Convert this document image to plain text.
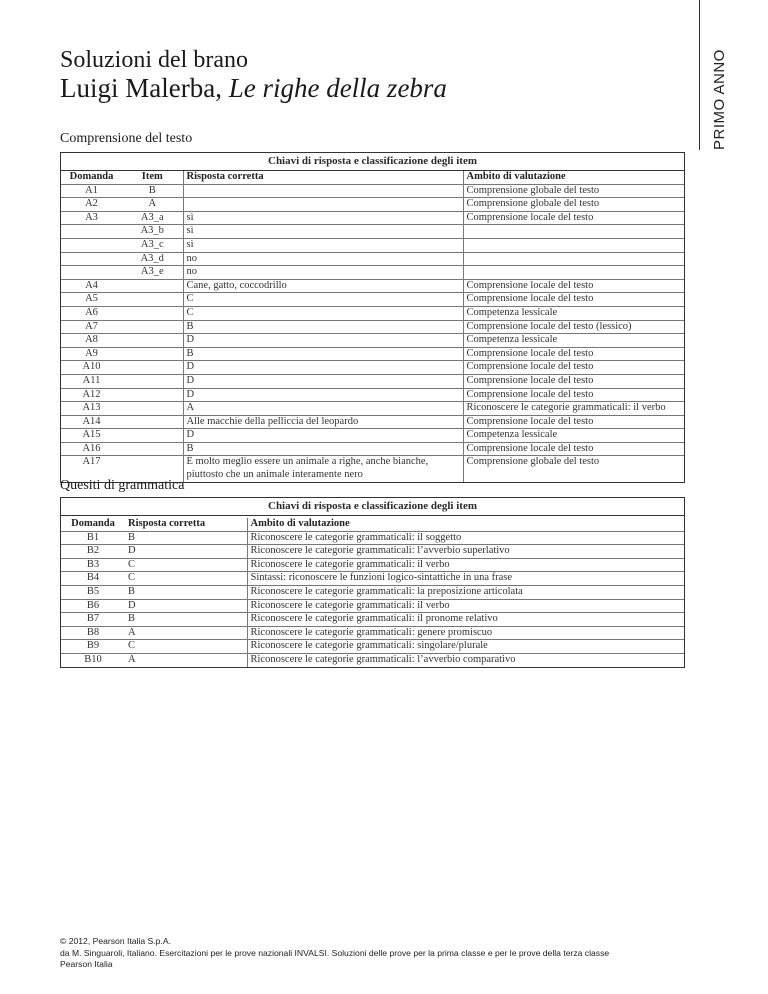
PRIMO ANNO
Soluzioni del brano
Luigi Malerba, Le righe della zebra
Comprensione del testo
Chiavi di risposta e classificazione degli item
Domanda	Item	Risposta corretta	Ambito di valutazione
A1	B		Comprensione globale del testo
A2	A		Comprensione globale del testo
A3	A3_a	sì	Comprensione locale del testo
	A3_b	sì	
	A3_c	sì	
	A3_d	no	
	A3_e	no	
A4		Cane, gatto, coccodrillo	Comprensione locale del testo
A5		C	Comprensione locale del testo
A6		C	Competenza lessicale
A7		B	Comprensione locale del testo (lessico)
A8		D	Competenza lessicale
A9		B	Comprensione locale del testo
A10		D	Comprensione locale del testo
A11		D	Comprensione locale del testo
A12		D	Comprensione locale del testo
A13		A	Riconoscere le categorie grammaticali: il verbo
A14		Alle macchie della pelliccia del leopardo	Comprensione locale del testo
A15		D	Competenza lessicale
A16		B	Comprensione locale del testo
A17		È molto meglio essere un animale a righe, anche bianche, piuttosto che un animale interamente nero	Comprensione globale del testo
Quesiti di grammatica
Chiavi di risposta e classificazione degli item
Domanda	Risposta corretta	Ambito di valutazione
B1	B	Riconoscere le categorie grammaticali: il soggetto
B2	D	Riconoscere le categorie grammaticali: l’avverbio superlativo
B3	C	Riconoscere le categorie grammaticali: il verbo
B4	C	Sintassi: riconoscere le funzioni logico-sintattiche in una frase
B5	B	Riconoscere le categorie grammaticali: la preposizione articolata
B6	D	Riconoscere le categorie grammaticali: il verbo
B7	B	Riconoscere le categorie grammaticali: il pronome relativo
B8	A	Riconoscere le categorie grammaticali: genere promiscuo
B9	C	Riconoscere le categorie grammaticali: singolare/plurale
B10	A	Riconoscere le categorie grammaticali: l’avverbio comparativo
© 2012, Pearson Italia S.p.A.
da M. Singuaroli, Italiano. Esercitazioni per le prove nazionali INVALSI. Soluzioni delle prove per la prima classe e per le prove della terza classe
Pearson Italia
